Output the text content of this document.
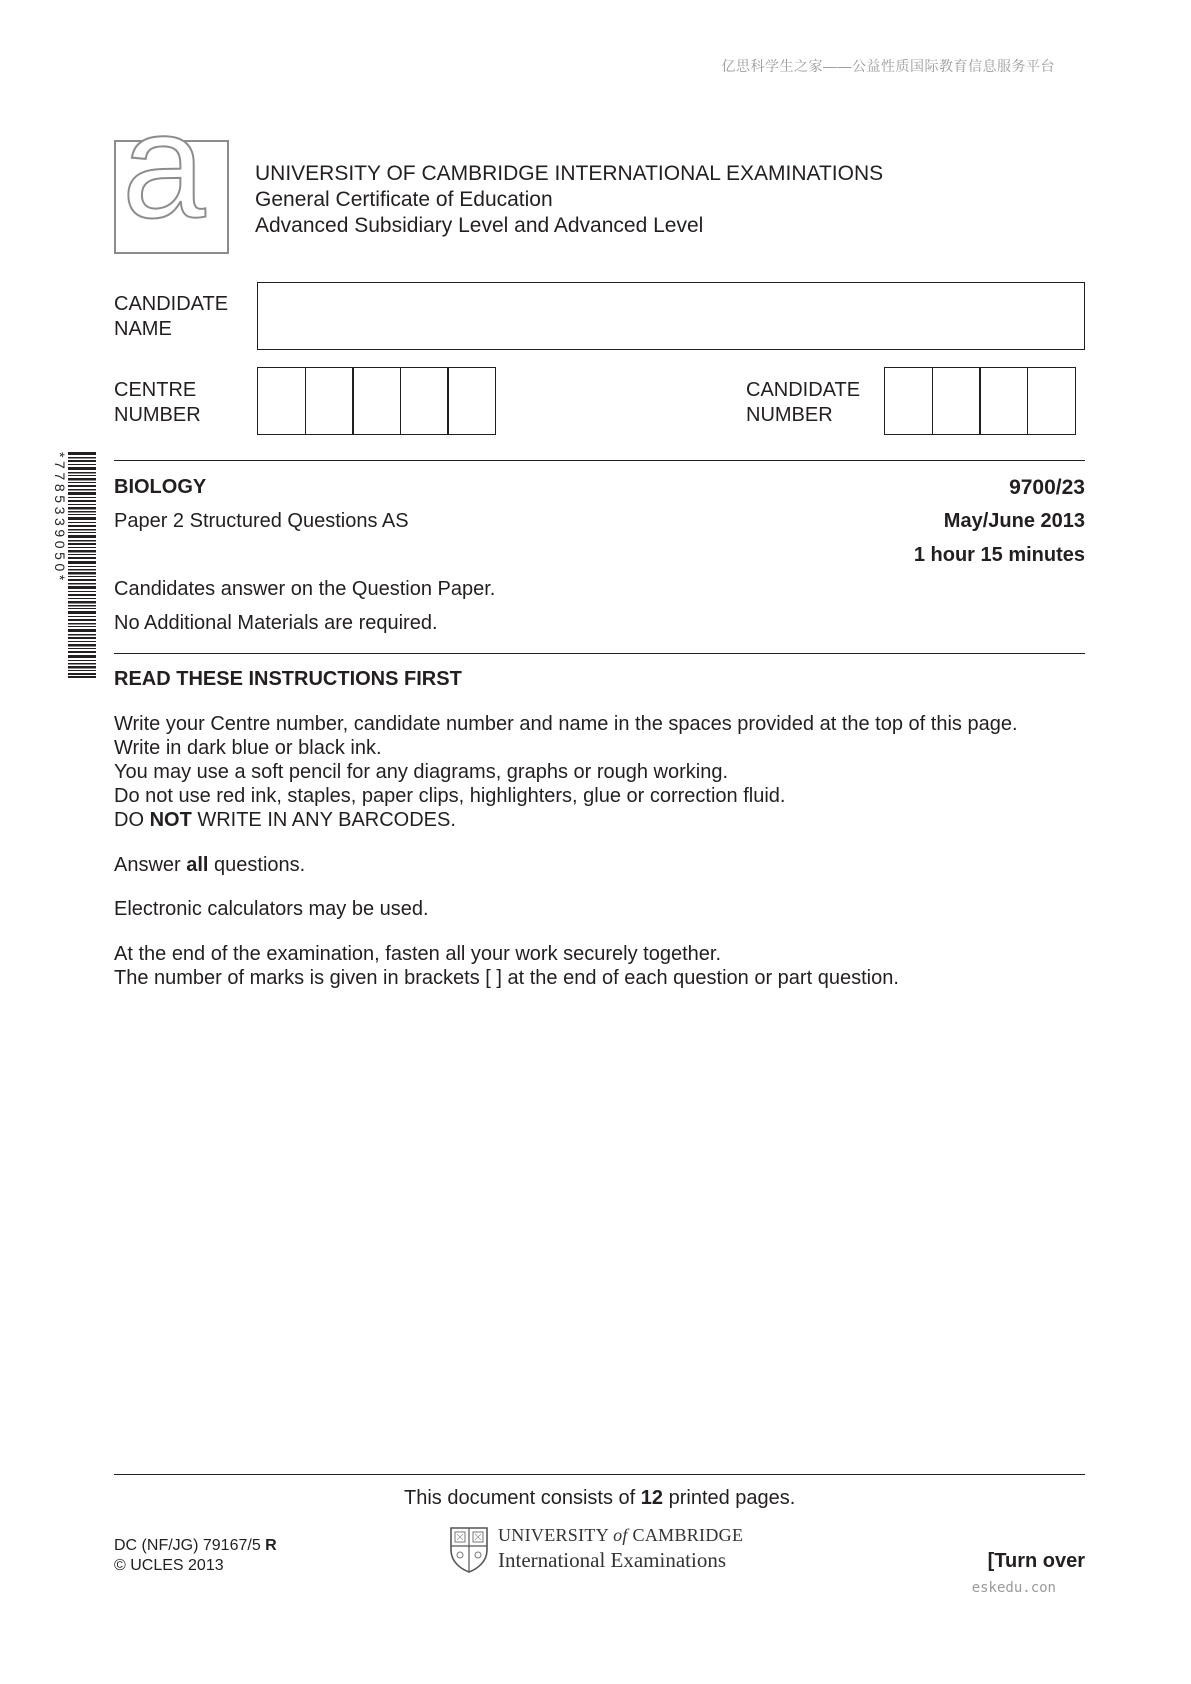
亿思科学生之家——公益性质国际教育信息服务平台
a UNIVERSITY OF CAMBRIDGE INTERNATIONAL EXAMINATIONS
General Certificate of Education
Advanced Subsidiary Level and Advanced Level
CANDIDATE
NAME
CENTRE
NUMBER
CANDIDATE
NUMBER
*7785339050* BIOLOGY	9700/23
Paper 2 Structured Questions AS	May/June 2013
1 hour 15 minutes
Candidates answer on the Question Paper.
No Additional Materials are required.
READ THESE INSTRUCTIONS FIRST
Write your Centre number, candidate number and name in the spaces provided at the top of this page.
Write in dark blue or black ink.
You may use a soft pencil for any diagrams, graphs or rough working.
Do not use red ink, staples, paper clips, highlighters, glue or correction fluid.
DO NOT WRITE IN ANY BARCODES.
Answer all questions.
Electronic calculators may be used.
At the end of the examination, fasten all your work securely together.
The number of marks is given in brackets [ ] at the end of each question or part question.
This document consists of 12 printed pages.
DC (NF/JG) 79167/5 R
© UCLES 2013
UNIVERSITY of CAMBRIDGE
International Examinations	[Turn over
eskedu.con
